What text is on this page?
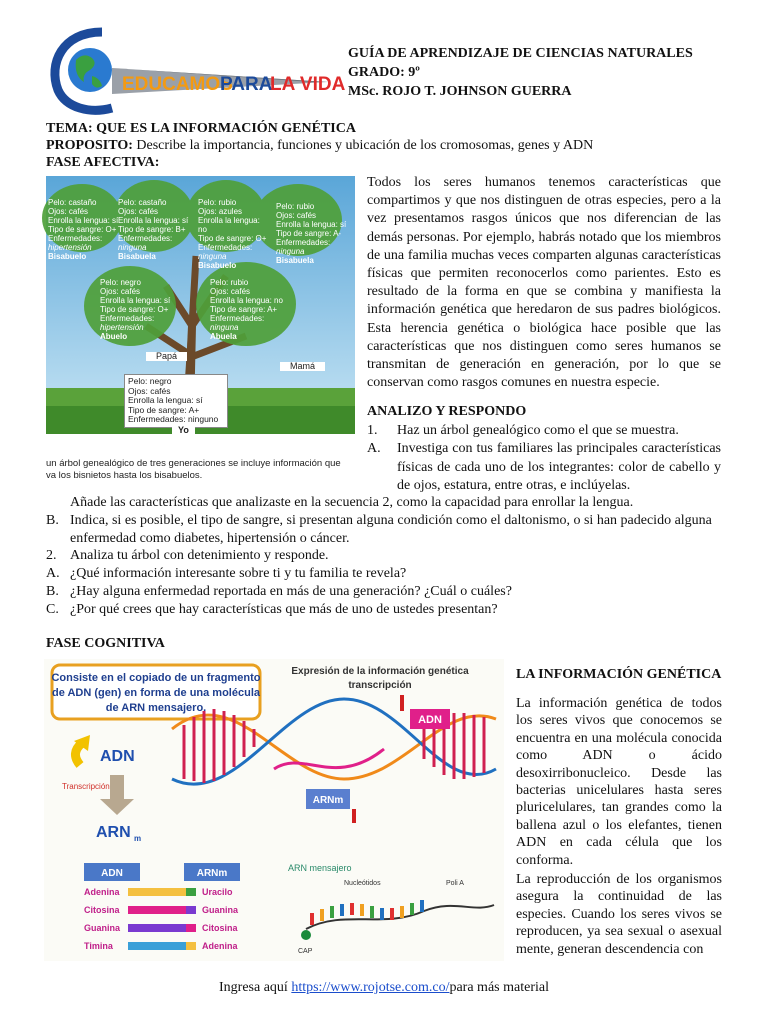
EDUCAMOS
PARA
LA VIDA
GUÍA DE APRENDIZAJE DE CIENCIAS NATURALES
GRADO: 9º
MSc. ROJO T. JOHNSON GUERRA
TEMA: QUE ES LA INFORMACIÓN GENÉTICA
PROPOSITO: Describe la importancia, funciones y ubicación de los cromosomas, genes y ADN
FASE AFECTIVA:
Pelo: castaño
Ojos: cafés
Enrolla la lengua: sí
Tipo de sangre: O+
Enfermedades:
hipertensión
Bisabuelo
Pelo: castaño
Ojos: cafés
Enrolla la lengua: sí
Tipo de sangre: B+
Enfermedades:
ninguna
Bisabuela
Pelo: rubio
Ojos: azules
Enrolla la lengua: no
Tipo de sangre: O+
Enfermedades:
ninguna
Bisabuelo
Pelo: rubio
Ojos: cafés
Enrolla la lengua: sí
Tipo de sangre: A-
Enfermedades:
ninguna
Bisabuela
Pelo: negro
Ojos: cafés
Enrolla la lengua: sí
Tipo de sangre: O+
Enfermedades:
hipertensión
Abuelo
Pelo: rubio
Ojos: cafés
Enrolla la lengua: no
Tipo de sangre: A+
Enfermedades:
ninguna
Abuela
Papá
Mamá
Pelo: negro
Ojos: cafés
Enrolla la lengua: sí
Tipo de sangre: A+
Enfermedades: ninguno
Yo
un árbol genealógico de tres generaciones se incluye información que va los bisnietos hasta los bisabuelos.
Todos los seres humanos tenemos características que compartimos y que nos distinguen de otras especies, pero a la vez presentamos rasgos únicos que nos diferencian de las demás personas. Por ejemplo, habrás notado que los miembros de una familia muchas veces comparten algunas características físicas que permiten reconocerlos como parientes. Esto es resultado de la forma en que se combina y manifiesta la información genética que heredaron de sus padres biológicos. Esta herencia genética o biológica hace posible que las características que nos distinguen como seres humanos se transmitan de generación en generación, por lo que se conservan como rasgos comunes en nuestra especie.
ANALIZO Y RESPONDO
1.	Haz un árbol genealógico como el que se muestra.
A.	Investiga con tus familiares las principales características físicas de cada uno de los integrantes: color de cabello y de ojos, estatura, entre otras, e inclúyelas.
Añade las características que analizaste en la secuencia 2, como la capacidad para enrollar la lengua.
B. Indica, si es posible, el tipo de sangre, si presentan alguna condición como el daltonismo, o si han padecido alguna enfermedad como diabetes, hipertensión o cáncer.
2. Analiza tu árbol con detenimiento y responde.
A. ¿Qué información interesante sobre ti y tu familia te revela?
B. ¿Hay alguna enfermedad reportada en más de una generación? ¿Cuál o cuáles?
C. ¿Por qué crees que hay características que más de uno de ustedes presentan?
FASE COGNITIVA
Consiste en el copiado de un fragmento
de ADN (gen) en forma de una molécula
de ARN mensajero.
Expresión de la información genética
transcripción
ADN
Transcripción
ARN m
ADN
ARNm
ADN	ARNm
Adenina	Uracilo
Citosina	Guanina
Guanina	Citosina
Timina	Adenina
ARN mensajero
Nucleótidos	Poli A
CAP
LA INFORMACIÓN GENÉTICA
La información genética de todos los seres vivos que conocemos se encuentra en una molécula conocida como ADN o ácido desoxirribonucleico. Desde las bacterias unicelulares hasta seres pluricelulares, tan grandes como la ballena azul o los elefantes, tienen ADN en cada célula que los conforma.
La reproducción de los organismos asegura la continuidad de las especies. Cuando los seres vivos se reproducen, ya sea sexual o asexual mente, generan descendencia con
Ingresa aquí https://www.rojotse.com.co/para más material
